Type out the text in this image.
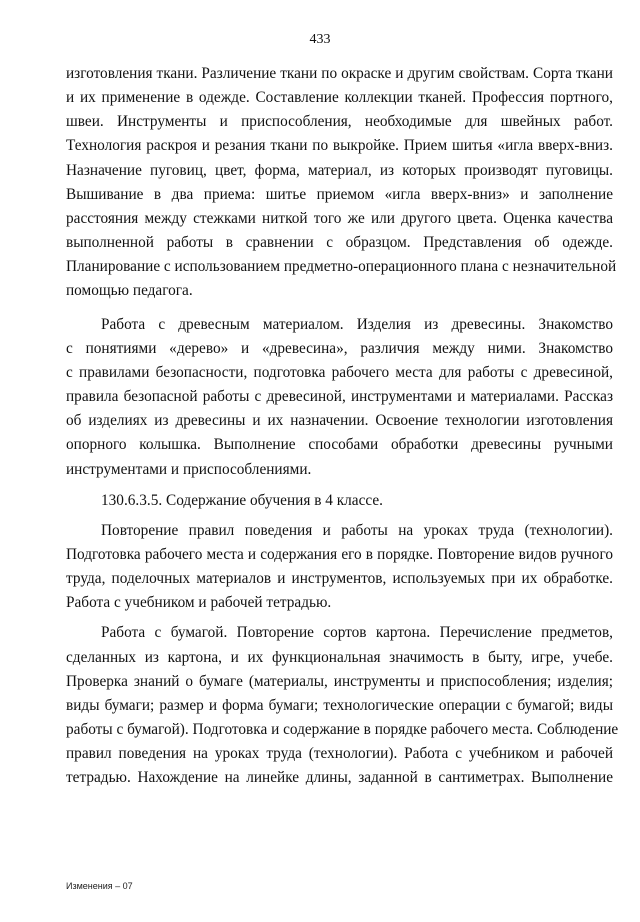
433
изготовления ткани. Различение ткани по окраске и другим свойствам. Сорта ткани
и их применение в одежде. Составление коллекции тканей. Профессия портного,
швеи. Инструменты и приспособления, необходимые для швейных работ.
Технология раскроя и резания ткани по выкройке. Прием шитья «игла вверх-вниз.
Назначение пуговиц, цвет, форма, материал, из которых производят пуговицы.
Вышивание в два приема: шитье приемом «игла вверх-вниз» и заполнение
расстояния между стежками ниткой того же или другого цвета. Оценка качества
выполненной работы в сравнении с образцом. Представления об одежде.
Планирование с использованием предметно-операционного плана с незначительной
помощью педагога.
Работа с древесным материалом. Изделия из древесины. Знакомство
с понятиями «дерево» и «древесина», различия между ними. Знакомство
с правилами безопасности, подготовка рабочего места для работы с древесиной,
правила безопасной работы с древесиной, инструментами и материалами. Рассказ
об изделиях из древесины и их назначении. Освоение технологии изготовления
опорного колышка. Выполнение способами обработки древесины ручными
инструментами и приспособлениями.
130.6.3.5. Содержание обучения в 4 классе.
Повторение правил поведения и работы на уроках труда (технологии).
Подготовка рабочего места и содержания его в порядке. Повторение видов ручного
труда, поделочных материалов и инструментов, используемых при их обработке.
Работа с учебником и рабочей тетрадью.
Работа с бумагой. Повторение сортов картона. Перечисление предметов,
сделанных из картона, и их функциональная значимость в быту, игре, учебе.
Проверка знаний о бумаге (материалы, инструменты и приспособления; изделия;
виды бумаги; размер и форма бумаги; технологические операции с бумагой; виды
работы с бумагой). Подготовка и содержание в порядке рабочего места. Соблюдение
правил поведения на уроках труда (технологии). Работа с учебником и рабочей
тетрадью. Нахождение на линейке длины, заданной в сантиметрах. Выполнение
Изменения – 07
